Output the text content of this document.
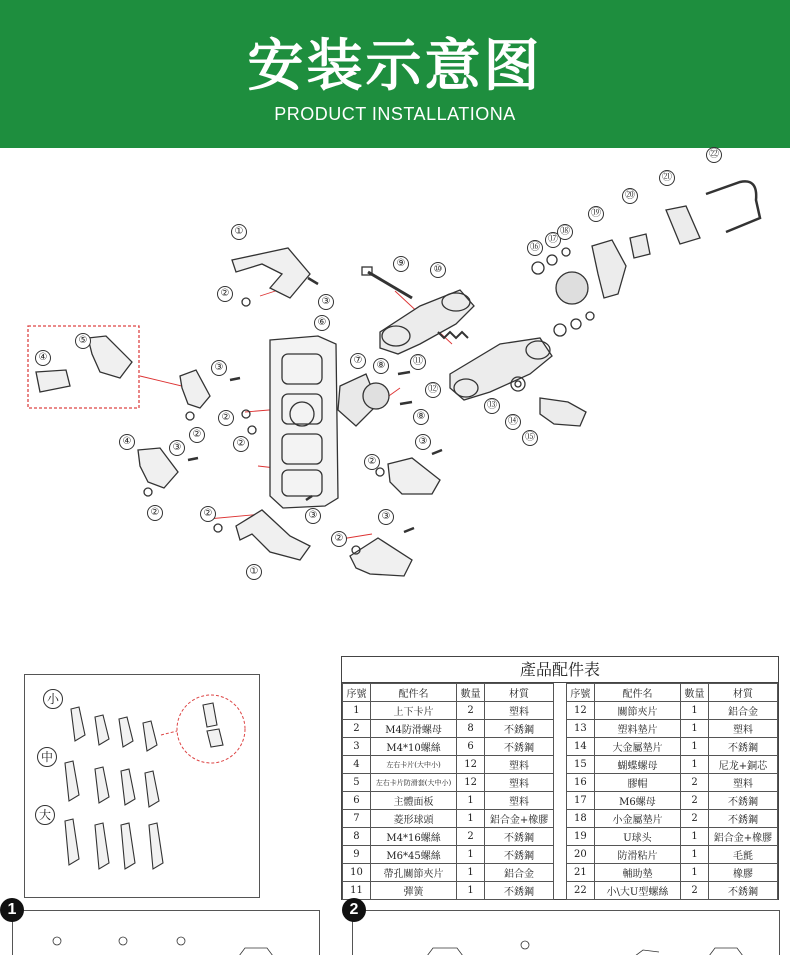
安装示意图
PRODUCT INSTALLATIONA
①
②
③
⑥
④
⑤
③
②
②
②
④
③
②
⑦	⑧
⑧
⑨
⑩
⑪
⑫
⑬
⑭
⑮
⑯
⑰
⑱
⑲
⑳
㉑
㉒
③
②
②	③	③
②
①
小
中
大
產品配件表
序號	配件名	數量	材質		序號	配件名	數量	材質
1	上下卡片	2	塑料		12	關節夾片	1	鋁合金
2	M4防滑螺母	8	不銹鋼		13	塑料墊片	1	塑料
3	M4*10螺絲	6	不銹鋼		14	大金屬墊片	1	不銹鋼
4	左右卡片(大中小)	12	塑料		15	蝴蝶螺母	1	尼龙+銅芯
5	左右卡片防滑套(大中小)	12	塑料		16	膠帽	2	塑料
6	主體面板	1	塑料		17	M6螺母	2	不銹鋼
7	菱形球頭	1	鋁合金+橡膠		18	小金屬墊片	2	不銹鋼
8	M4*16螺絲	2	不銹鋼		19	U球头	1	鋁合金+橡膠
9	M6*45螺絲	1	不銹鋼		20	防滑粘片	1	毛氈
10	帶孔關節夾片	1	鋁合金		21	輔助墊	1	橡膠
11	彈簧	1	不銹鋼		22	小\大U型螺絲	2	不銹鋼
1	2
